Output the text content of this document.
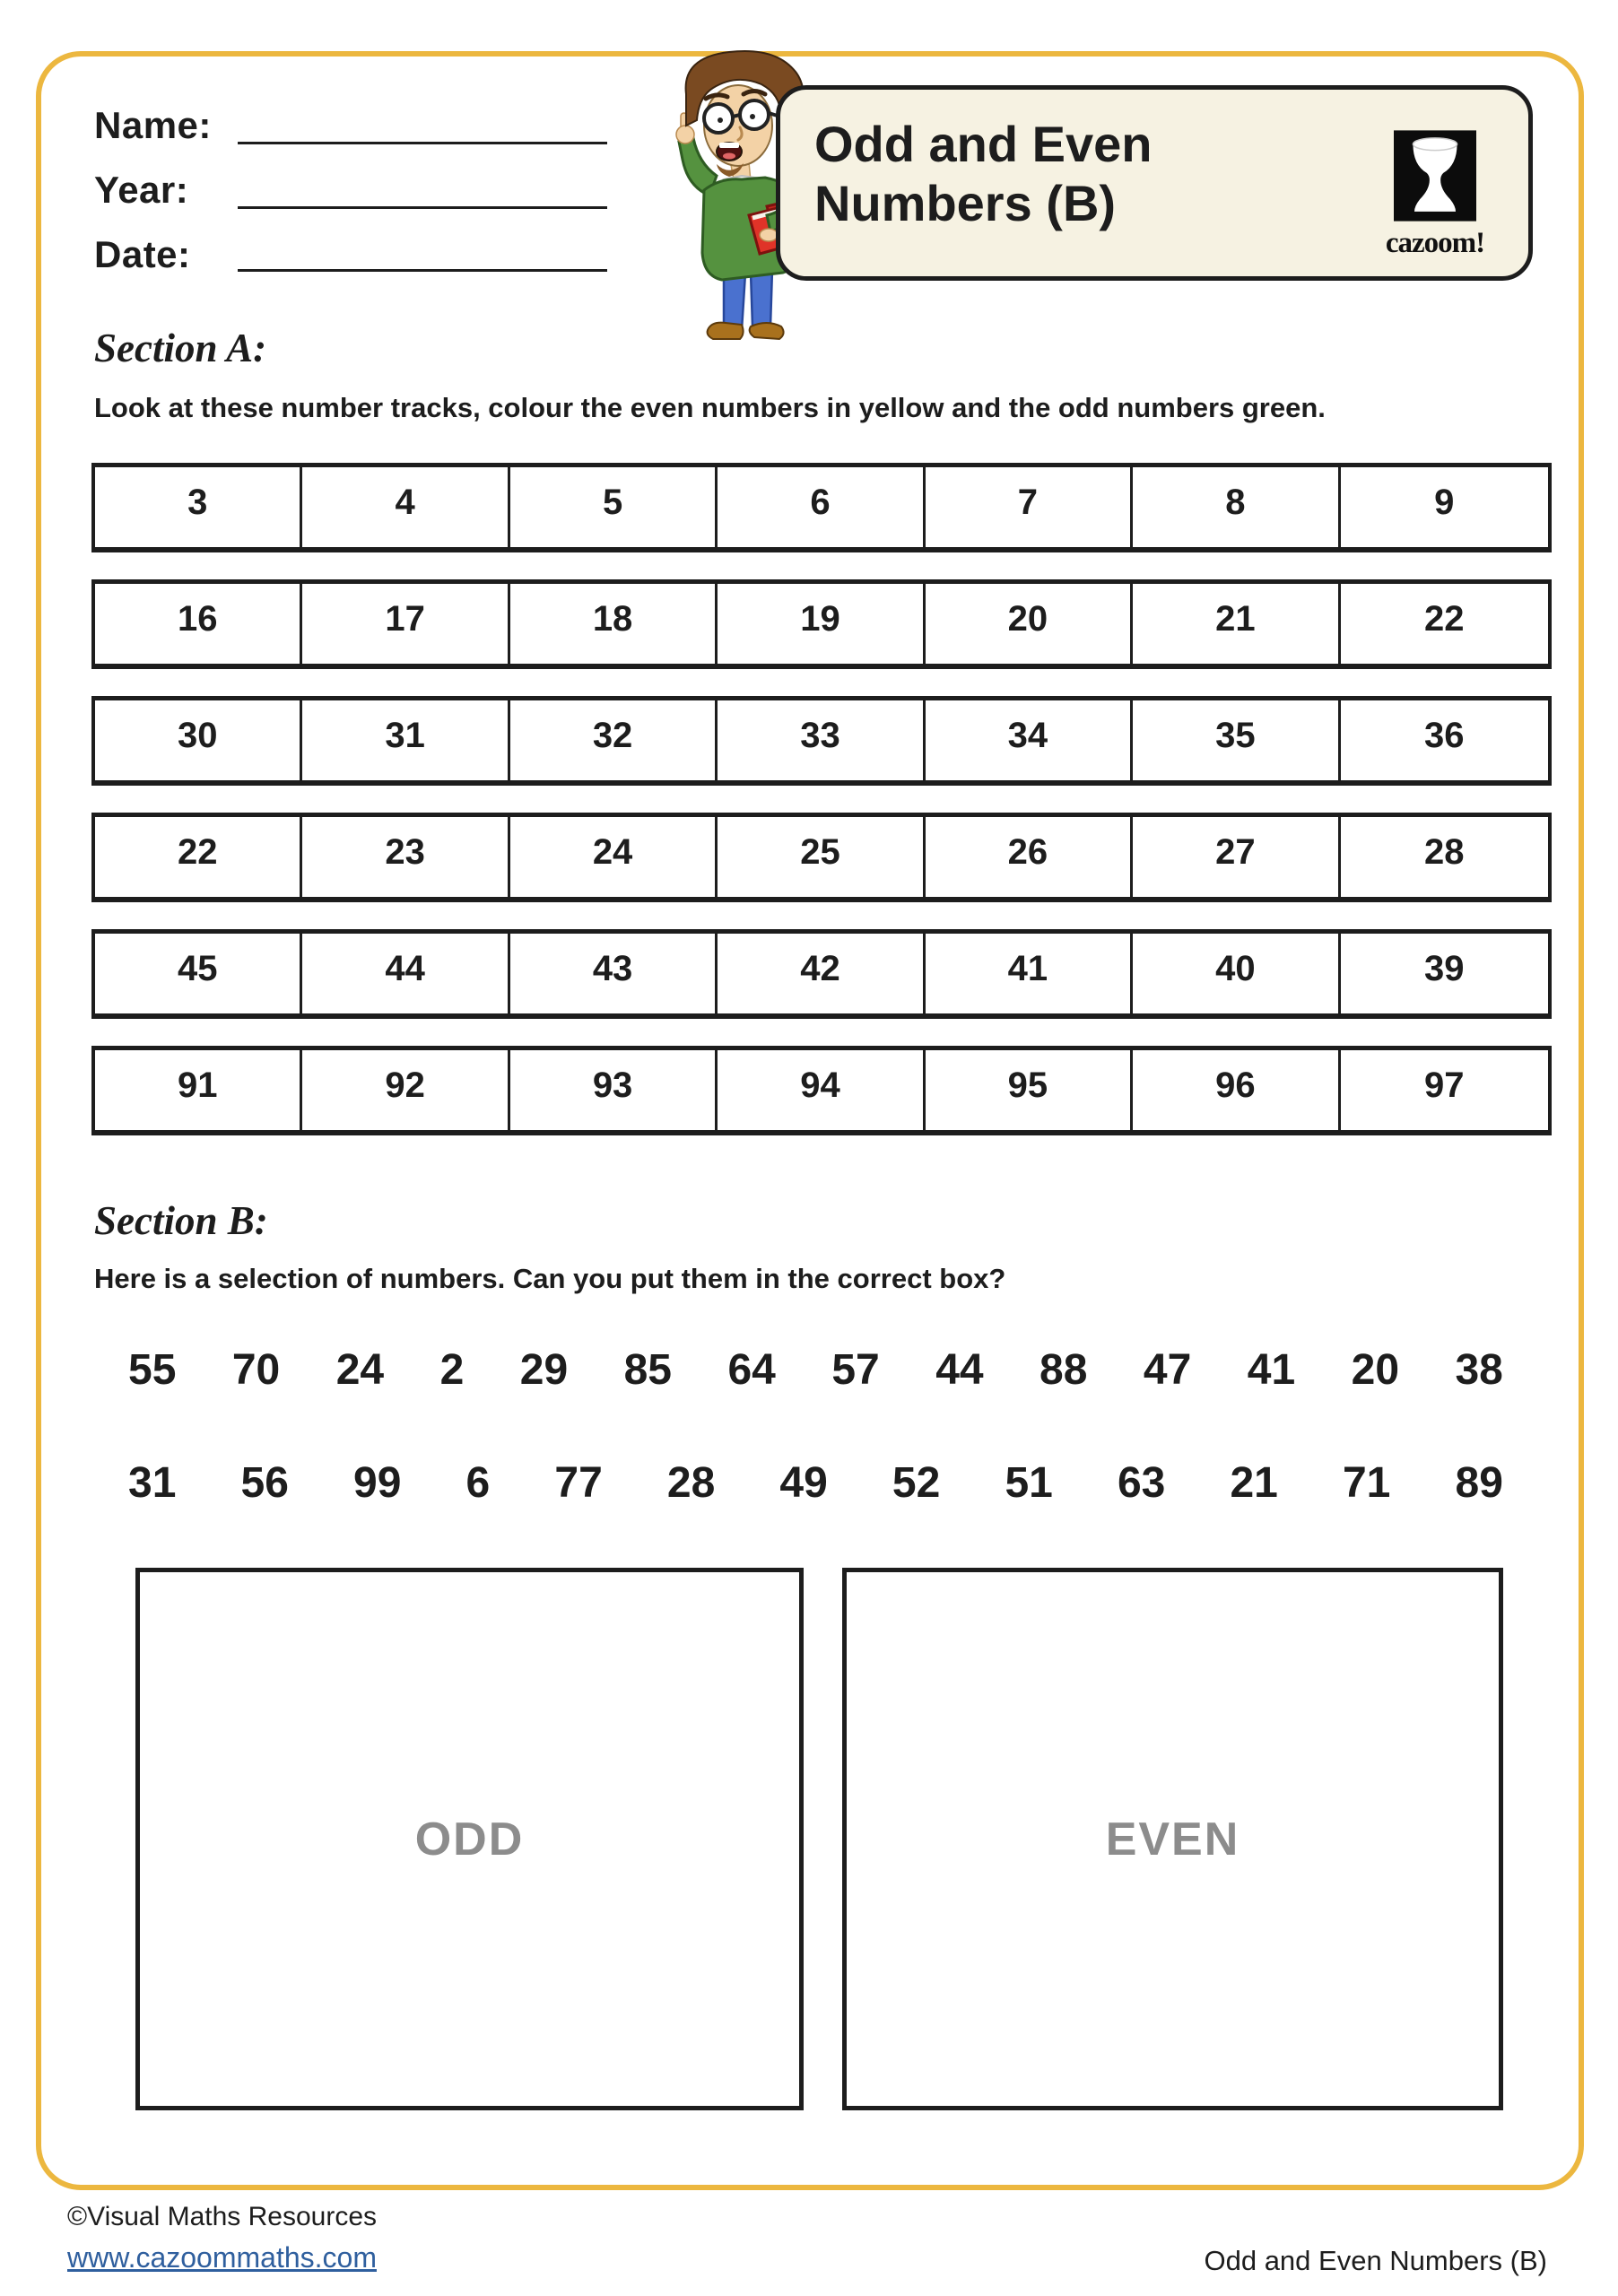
Name:
Year:
Date:
Odd and Even Numbers (B)
cazoom!
Section A:
Look at these number tracks, colour the even numbers in yellow and the odd numbers green.
3	4	5	6	7	8	9
16	17	18	19	20	21	22
30	31	32	33	34	35	36
22	23	24	25	26	27	28
45	44	43	42	41	40	39
91	92	93	94	95	96	97
Section B:
Here is a selection of numbers. Can you put them in the correct box?
55 70 24 2 29 85 64 57 44 88 47 41 20 38
31 56 99 6 77 28 49 52 51 63 21 71 89
ODD	EVEN
©Visual Maths Resources
www.cazoommaths.com	Odd and Even Numbers (B)
